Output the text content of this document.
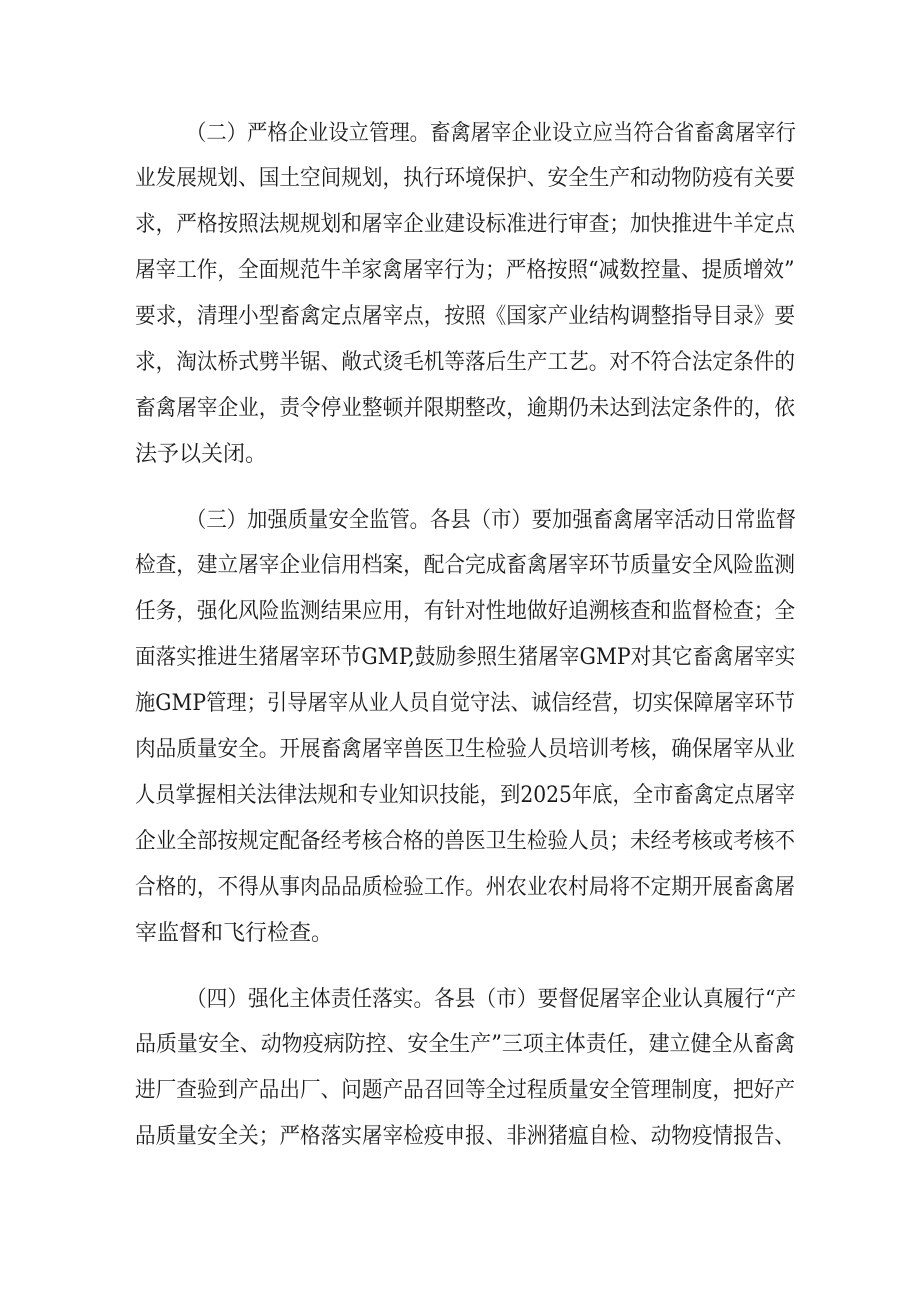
（二）严格企业设立管理。畜禽屠宰企业设立应当符合省畜禽屠宰行

业发展规划、国土空间规划，执行环境保护、安全生产和动物防疫有关要

求，严格按照法规规划和屠宰企业建设标准进行审查；加快推进牛羊定点

屠宰工作，全面规范牛羊家禽屠宰行为；严格按照“减数控量、提质增效”

要求，清理小型畜禽定点屠宰点，按照《国家产业结构调整指导目录》要

求，淘汰桥式劈半锯、敞式烫毛机等落后生产工艺。对不符合法定条件的

畜禽屠宰企业，责令停业整顿并限期整改，逾期仍未达到法定条件的，依

法予以关闭。

（三）加强质量安全监管。各县（市）要加强畜禽屠宰活动日常监督

检查，建立屠宰企业信用档案，配合完成畜禽屠宰环节质量安全风险监测

任务，强化风险监测结果应用，有针对性地做好追溯核查和监督检查；全

面落实推进生猪屠宰环节GMP,鼓励参照生猪屠宰GMP对其它畜禽屠宰实

施GMP管理；引导屠宰从业人员自觉守法、诚信经营，切实保障屠宰环节

肉品质量安全。开展畜禽屠宰兽医卫生检验人员培训考核，确保屠宰从业

人员掌握相关法律法规和专业知识技能，到2025年底，全市畜禽定点屠宰

企业全部按规定配备经考核合格的兽医卫生检验人员；未经考核或考核不

合格的，不得从事肉品品质检验工作。州农业农村局将不定期开展畜禽屠

宰监督和飞行检查。

（四）强化主体责任落实。各县（市）要督促屠宰企业认真履行“产

品质量安全、动物疫病防控、安全生产”三项主体责任，建立健全从畜禽

进厂查验到产品出厂、问题产品召回等全过程质量安全管理制度，把好产

品质量安全关；严格落实屠宰检疫申报、非洲猪瘟自检、动物疫情报告、
